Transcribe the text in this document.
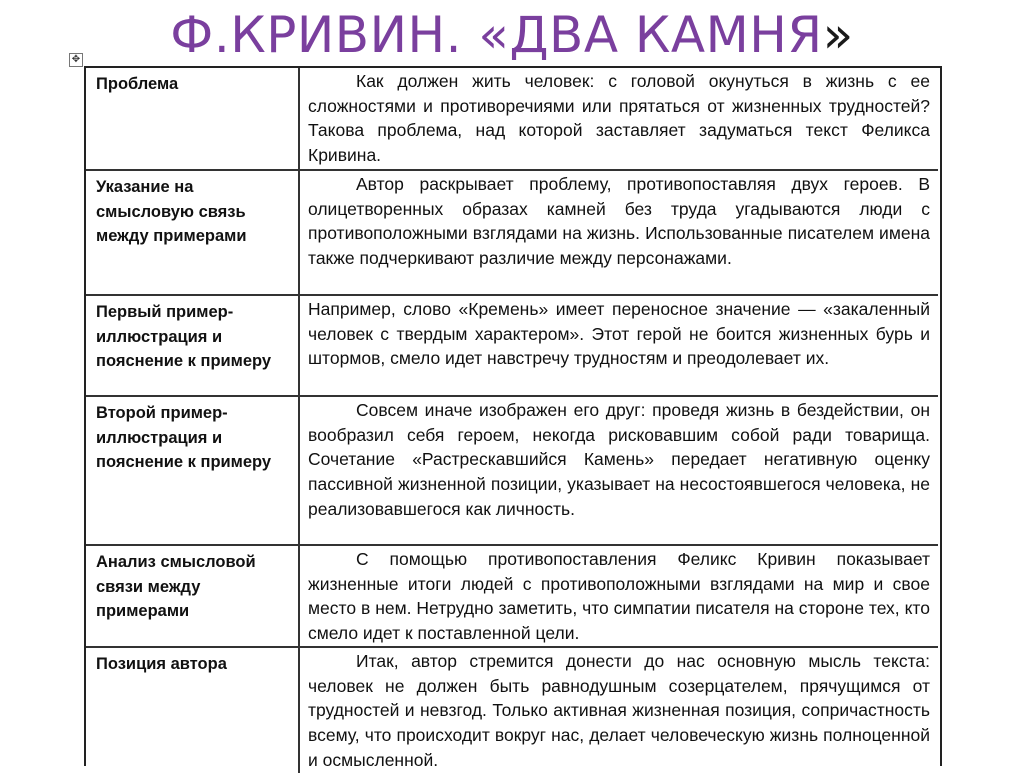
Ф.КРИВИН. «ДВА КАМНЯ»
✥
Проблема	Как должен жить человек: с головой окунуться в жизнь с ее сложностями и противоречиями или прятаться от жизненных трудностей? Такова проблема, над которой заставляет задуматься текст Феликса Кривина.

Указание на смысловую связь между примерами	Автор раскрывает проблему, противопоставляя двух героев. В олицетворенных образах камней без труда угадываются люди с противоположными взглядами на жизнь. Использованные писателем имена также подчеркивают различие между персонажами.

Первый пример-иллюстрация и пояснение к примеру	Например, слово «Кремень» имеет переносное значение — «закаленный человек с твердым характером». Этот герой не боится жизненных бурь и штормов, смело идет навстречу трудностям и преодолевает их.

Второй пример-иллюстрация и пояснение к примеру	Совсем иначе изображен его друг: проведя жизнь в бездействии, он вообразил себя героем, некогда рисковавшим собой ради товарища. Сочетание «Растрескавшийся Камень» передает негативную оценку пассивной жизненной позиции, указывает на несостоявшегося человека, не реализовавшегося как личность.

Анализ смысловой связи между примерами	С помощью противопоставления Феликс Кривин показывает жизненные итоги людей с противоположными взглядами на мир и свое место в нем. Нетрудно заметить, что симпатии писателя на стороне тех, кто смело идет к поставленной цели.

Позиция автора	Итак, автор стремится донести до нас основную мысль текста: человек не должен быть равнодушным созерцателем, прячущимся от трудностей и невзгод. Только активная жизненная позиция, сопричастность всему, что происходит вокруг нас, делает человеческую жизнь полноценной и осмысленной.
